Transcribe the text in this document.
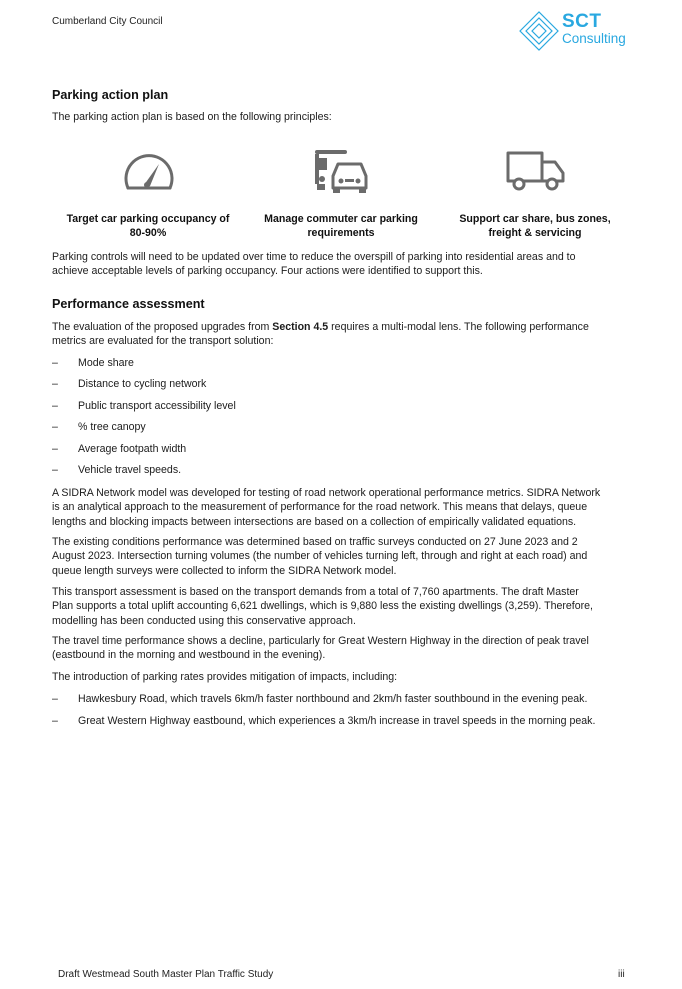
Cumberland City Council	SCT
Consulting
Parking action plan
The parking action plan is based on the following principles:
Target car parking occupancy of
80-90%
Manage commuter car parking
requirements
Support car share, bus zones,
freight & servicing
Parking controls will need to be updated over time to reduce the overspill of parking into residential areas and to
achieve acceptable levels of parking occupancy. Four actions were identified to support this.
Performance assessment
The evaluation of the proposed upgrades from Section 4.5 requires a multi-modal lens. The following performance
metrics are evaluated for the transport solution:
– Mode share
– Distance to cycling network
– Public transport accessibility level
– % tree canopy
– Average footpath width
– Vehicle travel speeds.
A SIDRA Network model was developed for testing of road network operational performance metrics. SIDRA Network
is an analytical approach to the measurement of performance for the road network. This means that delays, queue
lengths and blocking impacts between intersections are based on a collection of empirically validated equations.
The existing conditions performance was determined based on traffic surveys conducted on 27 June 2023 and 2
August 2023. Intersection turning volumes (the number of vehicles turning left, through and right at each road) and
queue length surveys were collected to inform the SIDRA Network model.
This transport assessment is based on the transport demands from a total of 7,760 apartments. The draft Master
Plan supports a total uplift accounting 6,621 dwellings, which is 9,880 less the existing dwellings (3,259). Therefore,
modelling has been conducted using this conservative approach.
The travel time performance shows a decline, particularly for Great Western Highway in the direction of peak travel
(eastbound in the morning and westbound in the evening).
The introduction of parking rates provides mitigation of impacts, including:
– Hawkesbury Road, which travels 6km/h faster northbound and 2km/h faster southbound in the evening peak.
– Great Western Highway eastbound, which experiences a 3km/h increase in travel speeds in the morning peak.
Draft Westmead South Master Plan Traffic Study	iii
